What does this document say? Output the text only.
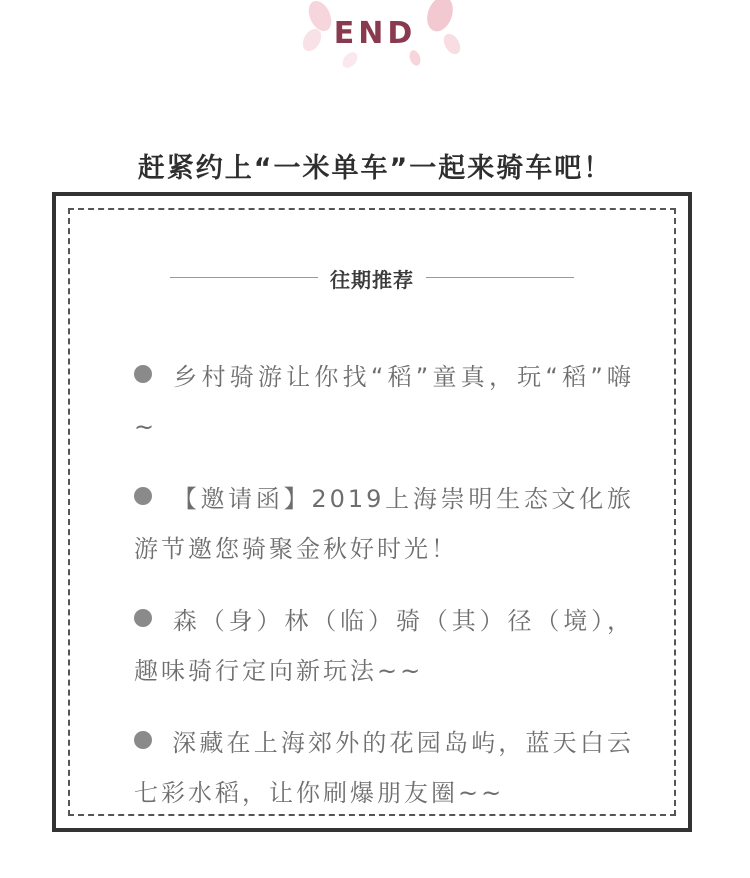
END
赶紧约上“一米单车”一起来骑车吧！
往期推荐
乡村骑游让你找“稻”童真，玩“稻”嗨~
【邀请函】2019上海崇明生态文化旅游节邀您骑聚金秋好时光！
森（身）林（临）骑（其）径（境），趣味骑行定向新玩法~~
深藏在上海郊外的花园岛屿，蓝天白云七彩水稻，让你刷爆朋友圈~~
